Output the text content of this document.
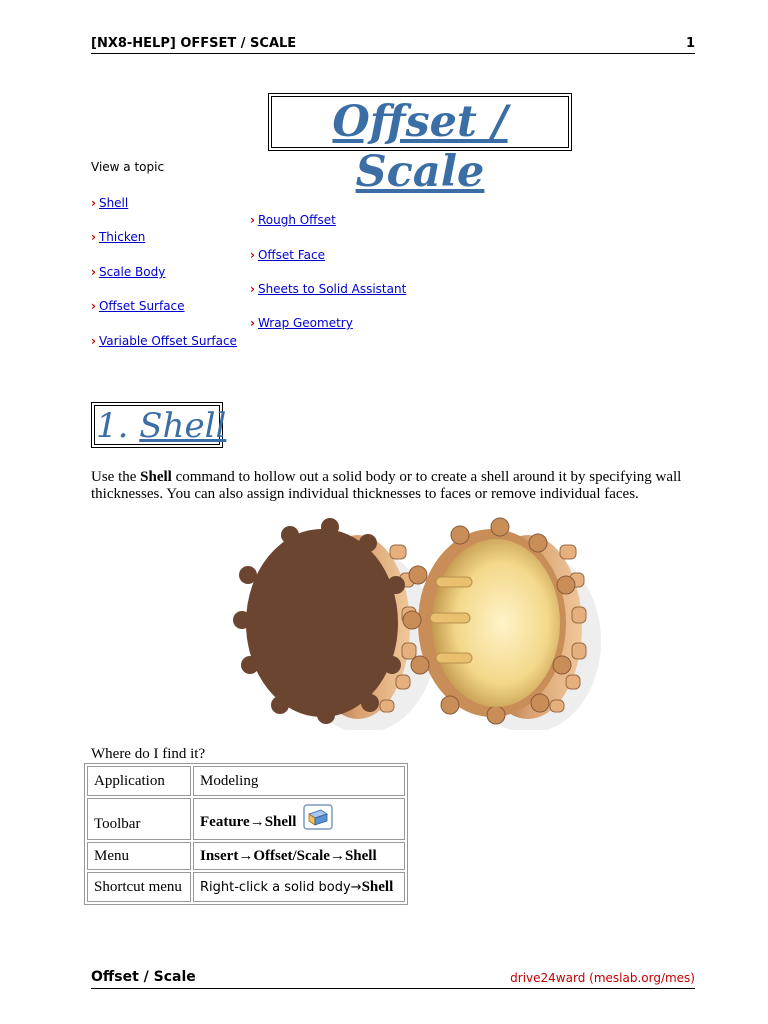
[NX8-HELP] OFFSET / SCALE	1
Offset / Scale
View a topic
› Shell
› Thicken
› Scale Body
› Offset Surface
› Variable Offset Surface
› Rough Offset
› Offset Face
› Sheets to Solid Assistant
› Wrap Geometry
1. Shell
Use the Shell command to hollow out a solid body or to create a shell around it by specifying wall thicknesses. You can also assign individual thicknesses to faces or remove individual faces.
Where do I find it?
Application	Modeling
Toolbar	Feature→Shell
Menu	Insert→Offset/Scale→Shell
Shortcut menu	Right-click a solid body→Shell
Offset / Scale	drive24ward (meslab.org/mes)
